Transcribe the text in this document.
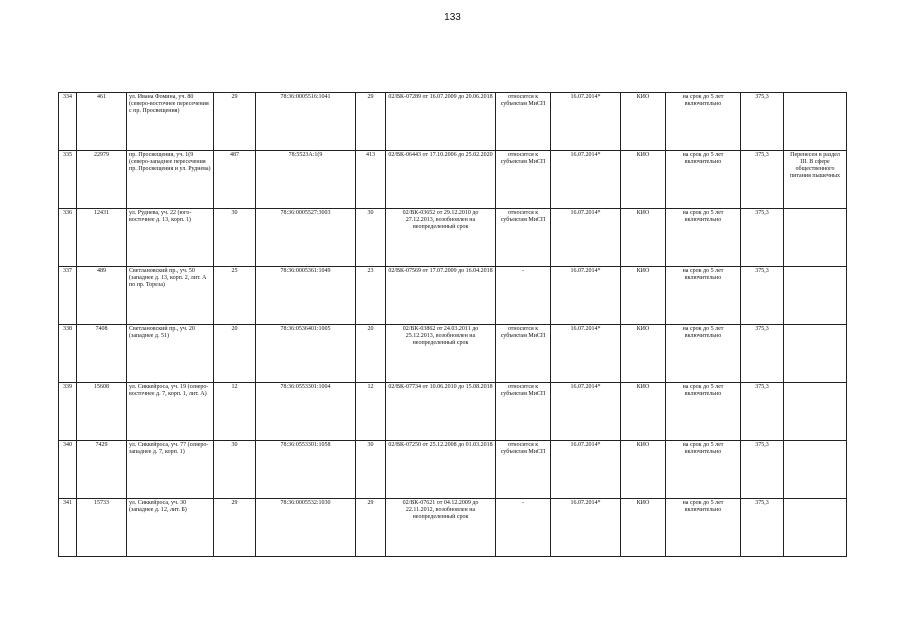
133
334	461	ул. Ивана Фомина, уч. 80 (северо-восточнее пересечения с пр. Просвещения)	29	78:36:0005516:1041	29	02/ВК-07289 от 16.07.2009 до 20.06.2018	относится к субъектам МиСП	16.07.2014*	КИО	на срок до 5 лет включительно	375,3	
335	22979	пр. Просвещения, уч. 1(9 (северо-западнее пересечения пр. Просвещения и ул. Руднева)	487	78:5523А:1(9	413	02/ВК-06443 от 17.10.2006 до 25.02.2020	относится к субъектам МиСП	16.07.2014*	КИО	на срок до 5 лет включительно	375,3	Перенесен в раздел III. В сфере общественного питания пышечных
336	12431	ул. Руднева, уч. 22 (юго-восточнее д. 13, корп. 1)	30	78:36:0005527:3003	30	02/ВК-03652 от 29.12.2010 до 27.12.2013, возобновлен на неопределенный срок	относится к субъектам МиСП	16.07.2014*	КИО	на срок до 5 лет включительно	375,3	
337	489	Светлановский пр., уч. 50 (западнее д. 13, корп. 2, лит. А по пр. Тореза)	25	78:36:0005361:1049	23	02/ВК-07569 от 17.07.2009 до 16.04.2018	-	16.07.2014*	КИО	на срок до 5 лет включительно	375,3	
338	7408	Светлановский пр., уч. 20 (западнее д. 51)	20	78:36:0536401:1005	20	02/ВК-03862 от 24.03.2011 до 25.12.2013, возобновлен на неопределенный срок	относится к субъектам МиСП	16.07.2014*	КИО	на срок до 5 лет включительно	375,3	
339	15608	ул. Сиккейроса, уч. 19 (северо-восточнее д. 7, корп. 1, лит. А)	12	78:36:0553301:1004	12	02/ВК-07734 от 10.06.2010 до 15.08.2018	относится к субъектам МиСП	16.07.2014*	КИО	на срок до 5 лет включительно	375,3	
340	7429	ул. Сиккейроса, уч. 77 (северо-западнее д. 7, корп. 1)	30	78:36:0553301:1058	30	02/ВК-07250 от 25.12.2008 до 01.03.2018	относится к субъектам МиСП	16.07.2014*	КИО	на срок до 5 лет включительно	375,3	
341	15733	ул. Сиккейроса, уч. 30 (западнее д. 12, лит. Б)	29	78:36:0005532:1030	29	02/ВК-07621 от 04.12.2009 до 22.11.2012, возобновлен на неопределенный срок	-	16.07.2014*	КИО	на срок до 5 лет включительно	375,3	
